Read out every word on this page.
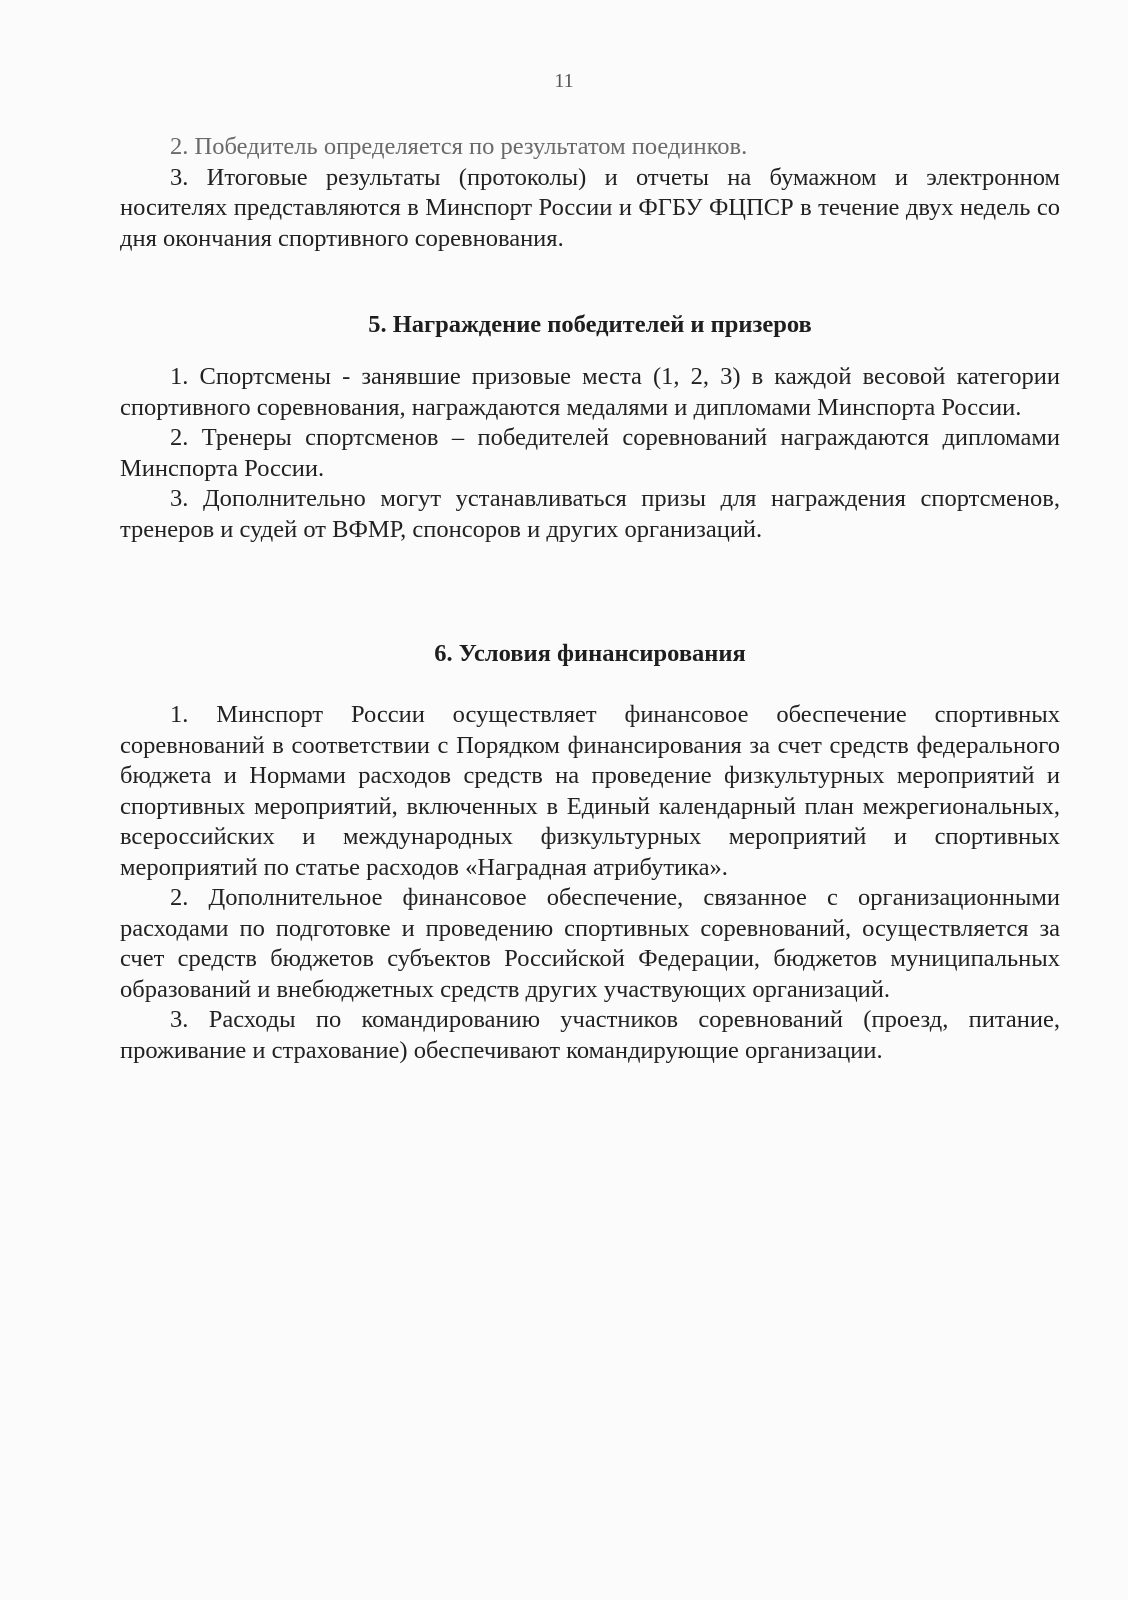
11

2. Победитель определяется по результатом поединков.

3. Итоговые результаты (протоколы) и отчеты на бумажном и электронном носителях представляются в Минспорт России и ФГБУ ФЦПСР в течение двух недель со дня окончания спортивного соревнования.

5. Награждение победителей и призеров

1. Спортсмены - занявшие призовые места (1, 2, 3) в каждой весовой категории спортивного соревнования, награждаются медалями и дипломами Минспорта России.

2. Тренеры спортсменов – победителей соревнований награждаются дипломами Минспорта России.

3. Дополнительно могут устанавливаться призы для награждения спортсменов, тренеров и судей от ВФМР, спонсоров и других организаций.

6. Условия финансирования

1. Минспорт России осуществляет финансовое обеспечение спортивных соревнований в соответствии с Порядком финансирования за счет средств федерального бюджета и Нормами расходов средств на проведение физкультурных мероприятий и спортивных мероприятий, включенных в Единый календарный план межрегиональных, всероссийских и международных физкультурных мероприятий и спортивных мероприятий по статье расходов «Наградная атрибутика».

2. Дополнительное финансовое обеспечение, связанное с организационными расходами по подготовке и проведению спортивных соревнований, осуществляется за счет средств бюджетов субъектов Российской Федерации, бюджетов муниципальных образований и внебюджетных средств других участвующих организаций.

3. Расходы по командированию участников соревнований (проезд, питание, проживание и страхование) обеспечивают командирующие организации.
